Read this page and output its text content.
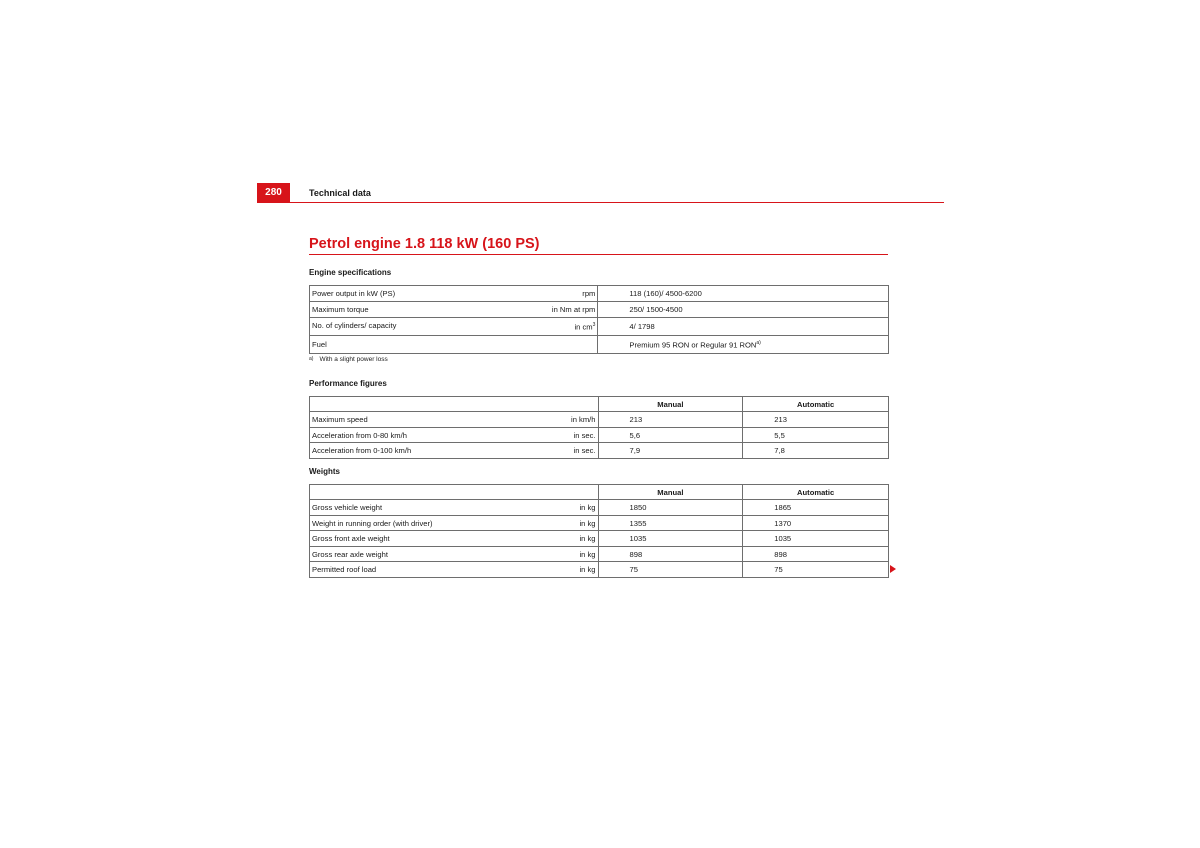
280	Technical data
Petrol engine 1.8 118 kW (160 PS)
Engine specifications
Power output in kW (PS) rpm	118 (160)/ 4500-6200
Maximum torque in Nm at rpm	250/ 1500-4500
No. of cylinders/ capacity in $cm^3$	4/ 1798
Fuel	Premium 95 RON or Regular 91 RON$^{a)}$
$^{a)}$ With a slight power loss
Performance figures
	Manual	Automatic
Maximum speed in km/h	213	213
Acceleration from 0-80 km/h in sec.	5,6	5,5
Acceleration from 0-100 km/h in sec.	7,9	7,8
Weights
	Manual	Automatic
Gross vehicle weight in kg	1850	1865
Weight in running order (with driver) in kg	1355	1370
Gross front axle weight in kg	1035	1035
Gross rear axle weight in kg	898	898
Permitted roof load in kg	75	75
